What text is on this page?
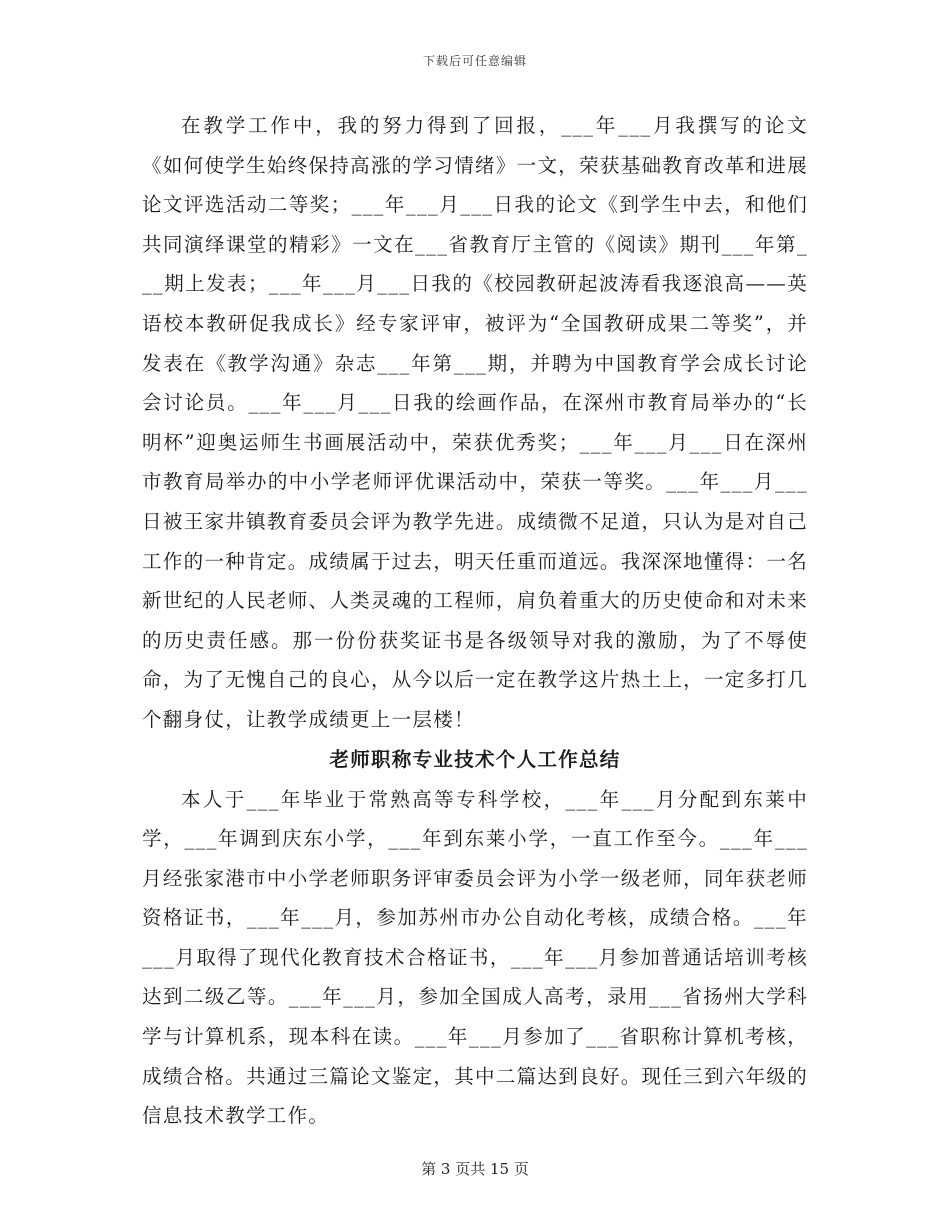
下载后可任意编辑

在教学工作中，我的努力得到了回报，___年___月我撰写的论文《如何使学生始终保持高涨的学习情绪》一文，荣获基础教育改革和进展论文评选活动二等奖；___年___月___日我的论文《到学生中去，和他们共同演绎课堂的精彩》一文在___省教育厅主管的《阅读》期刊___年第___期上发表；___年___月___日我的《校园教研起波涛看我逐浪高——英语校本教研促我成长》经专家评审，被评为“全国教研成果二等奖”，并发表在《教学沟通》杂志___年第___期，并聘为中国教育学会成长讨论会讨论员。___年___月___日我的绘画作品，在深州市教育局举办的“长明杯”迎奥运师生书画展活动中，荣获优秀奖；___年___月___日在深州市教育局举办的中小学老师评优课活动中，荣获一等奖。___年___月___日被王家井镇教育委员会评为教学先进。成绩微不足道，只认为是对自己工作的一种肯定。成绩属于过去，明天任重而道远。我深深地懂得：一名新世纪的人民老师、人类灵魂的工程师，肩负着重大的历史使命和对未来的历史责任感。那一份份获奖证书是各级领导对我的激励，为了不辱使命，为了无愧自己的良心，从今以后一定在教学这片热土上，一定多打几个翻身仗，让教学成绩更上一层楼！

老师职称专业技术个人工作总结

本人于___年毕业于常熟高等专科学校，___年___月分配到东莱中学，___年调到庆东小学，___年到东莱小学，一直工作至今。___年___月经张家港市中小学老师职务评审委员会评为小学一级老师，同年获老师资格证书，___年___月，参加苏州市办公自动化考核，成绩合格。___年___月取得了现代化教育技术合格证书，___年___月参加普通话培训考核达到二级乙等。___年___月，参加全国成人高考，录用___省扬州大学科学与计算机系，现本科在读。___年___月参加了___省职称计算机考核，成绩合格。共通过三篇论文鉴定，其中二篇达到良好。现任三到六年级的信息技术教学工作。

第 3 页共 15 页
